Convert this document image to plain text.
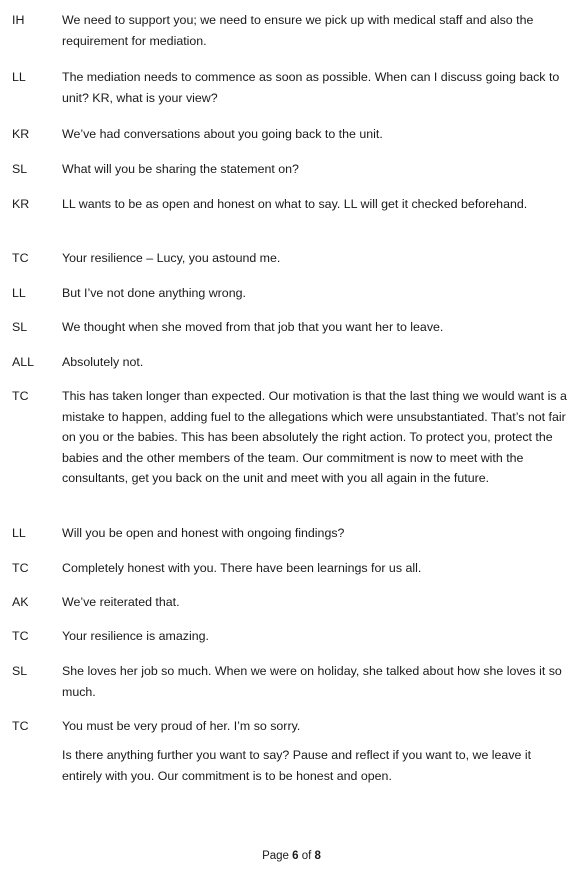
IH	We need to support you; we need to ensure we pick up with medical staff and also the requirement for mediation.
LL	The mediation needs to commence as soon as possible. When can I discuss going back to unit? KR, what is your view?
KR	We’ve had conversations about you going back to the unit.
SL	What will you be sharing the statement on?
KR	LL wants to be as open and honest on what to say. LL will get it checked beforehand.
TC	Your resilience – Lucy, you astound me.
LL	But I’ve not done anything wrong.
SL	We thought when she moved from that job that you want her to leave.
ALL	Absolutely not.
TC	This has taken longer than expected. Our motivation is that the last thing we would want is a mistake to happen, adding fuel to the allegations which were unsubstantiated. That’s not fair on you or the babies. This has been absolutely the right action. To protect you, protect the babies and the other members of the team. Our commitment is now to meet with the consultants, get you back on the unit and meet with you all again in the future.
LL	Will you be open and honest with ongoing findings?
TC	Completely honest with you. There have been learnings for us all.
AK	We’ve reiterated that.
TC	Your resilience is amazing.
SL	She loves her job so much. When we were on holiday, she talked about how she loves it so much.
TC	You must be very proud of her. I’m so sorry.
Is there anything further you want to say? Pause and reflect if you want to, we leave it entirely with you. Our commitment is to be honest and open.
Page 6 of 8
